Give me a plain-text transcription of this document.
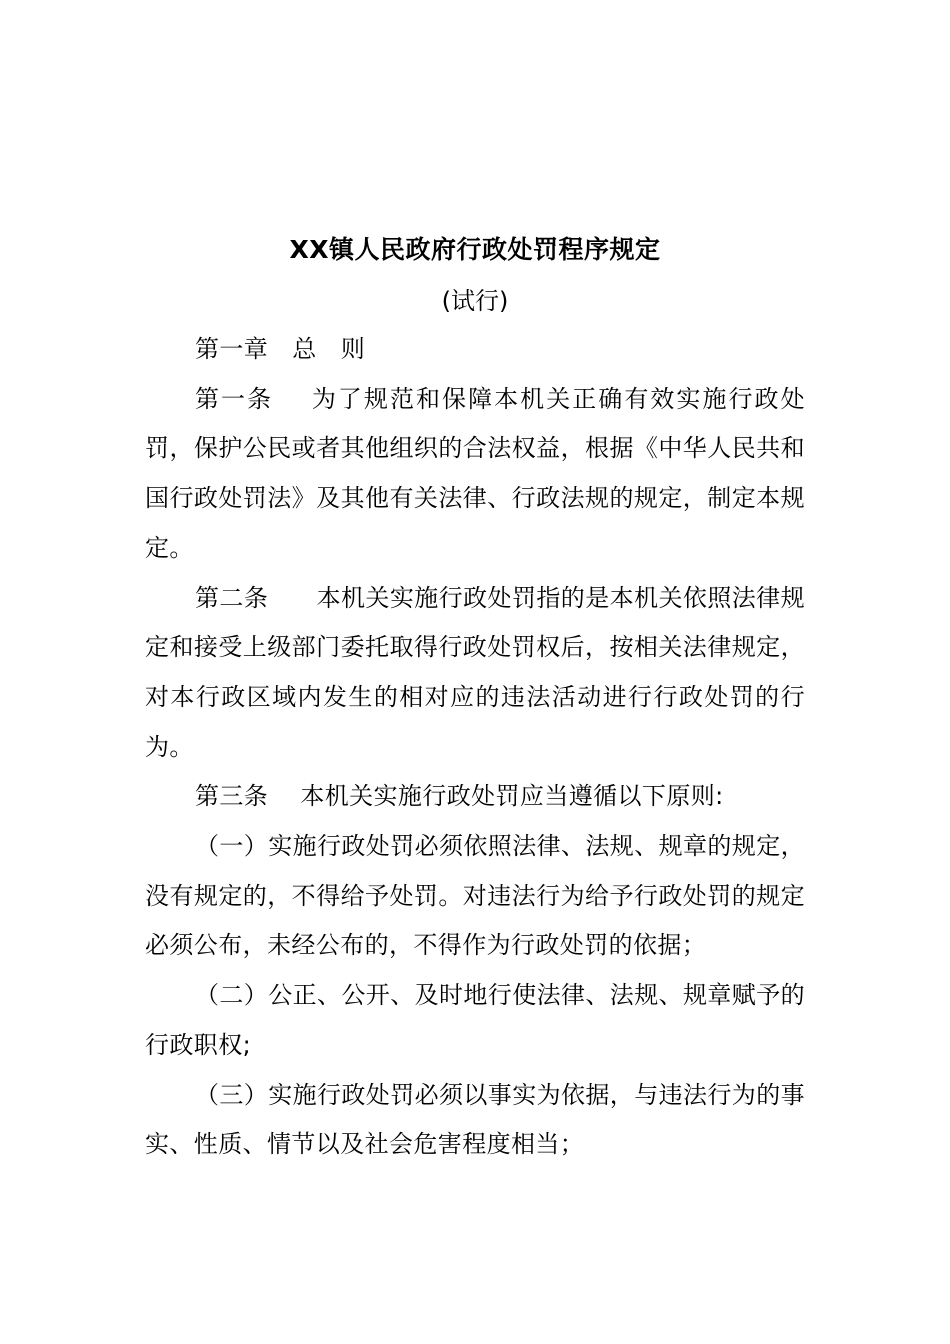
XX镇人民政府行政处罚程序规定
(试行)

第一章   总   则

第一条    为了规范和保障本机关正确有效实施行政处罚，保护公民或者其他组织的合法权益，根据《中华人民共和国行政处罚法》及其他有关法律、行政法规的规定，制定本规定。

第二条      本机关实施行政处罚指的是本机关依照法律规定和接受上级部门委托取得行政处罚权后，按相关法律规定，对本行政区域内发生的相对应的违法活动进行行政处罚的行为。

第三条    本机关实施行政处罚应当遵循以下原则:

（一）实施行政处罚必须依照法律、法规、规章的规定，没有规定的，不得给予处罚。对违法行为给予行政处罚的规定必须公布，未经公布的，不得作为行政处罚的依据；

（二）公正、公开、及时地行使法律、法规、规章赋予的行政职权;

（三）实施行政处罚必须以事实为依据，与违法行为的事实、性质、情节以及社会危害程度相当；
